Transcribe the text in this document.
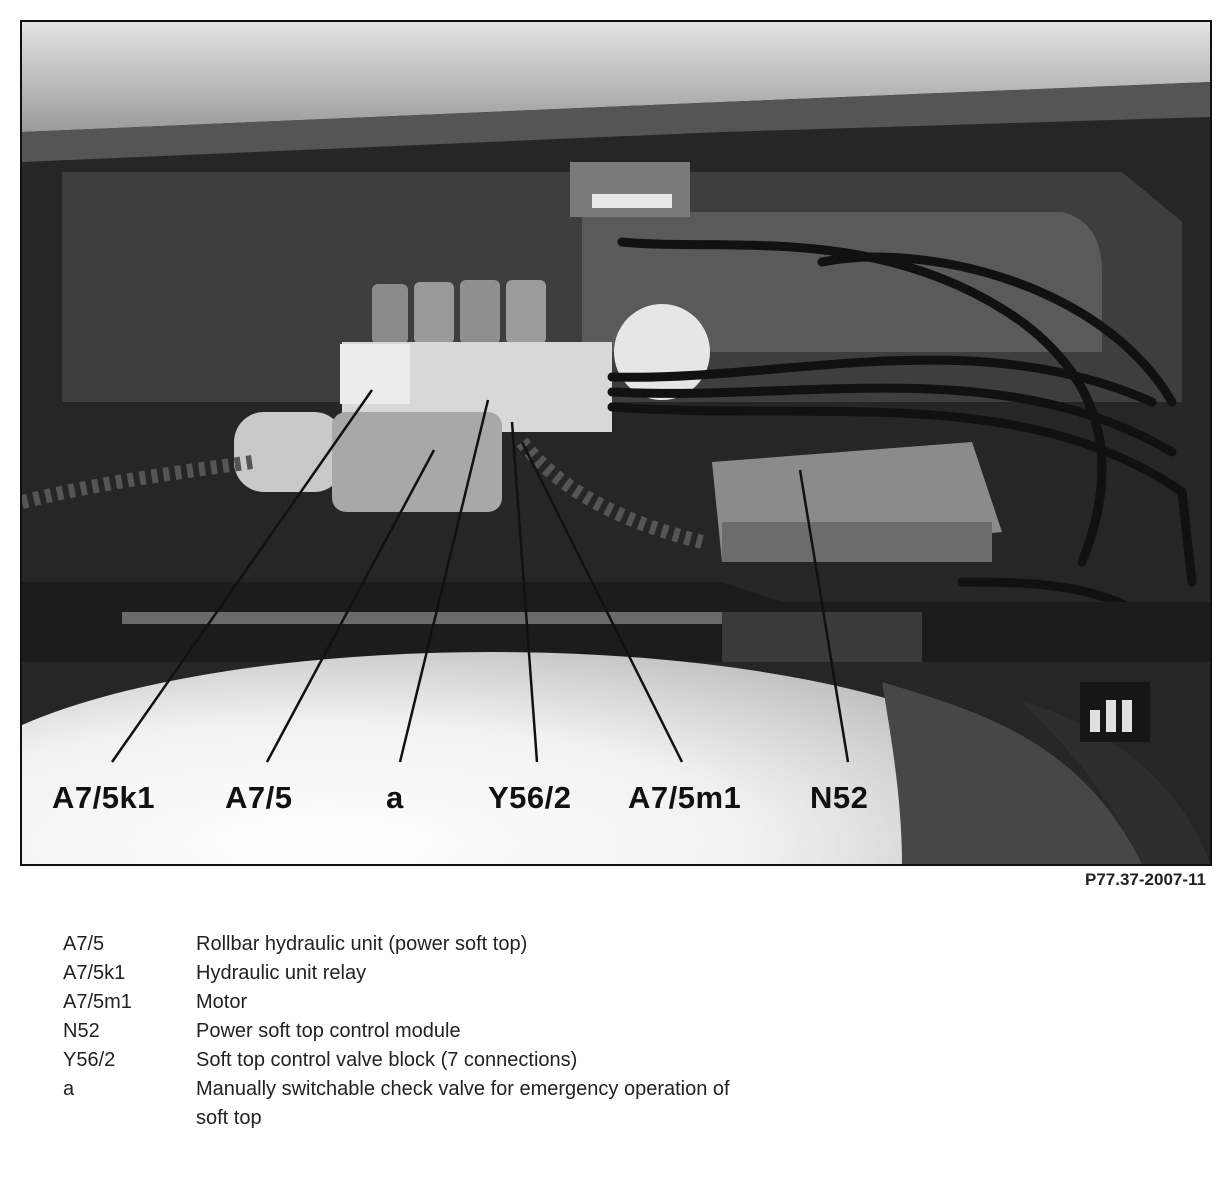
A7/5k1 A7/5	a	Y56/2 A7/5m1 N52
P77.37-2007-11
A7/5	Rollbar hydraulic unit (power soft top)
A7/5k1	Hydraulic unit relay
A7/5m1	Motor
N52	Power soft top control module
Y56/2	Soft top control valve block (7 connections)
a	Manually switchable check valve for emergency operation of soft top
